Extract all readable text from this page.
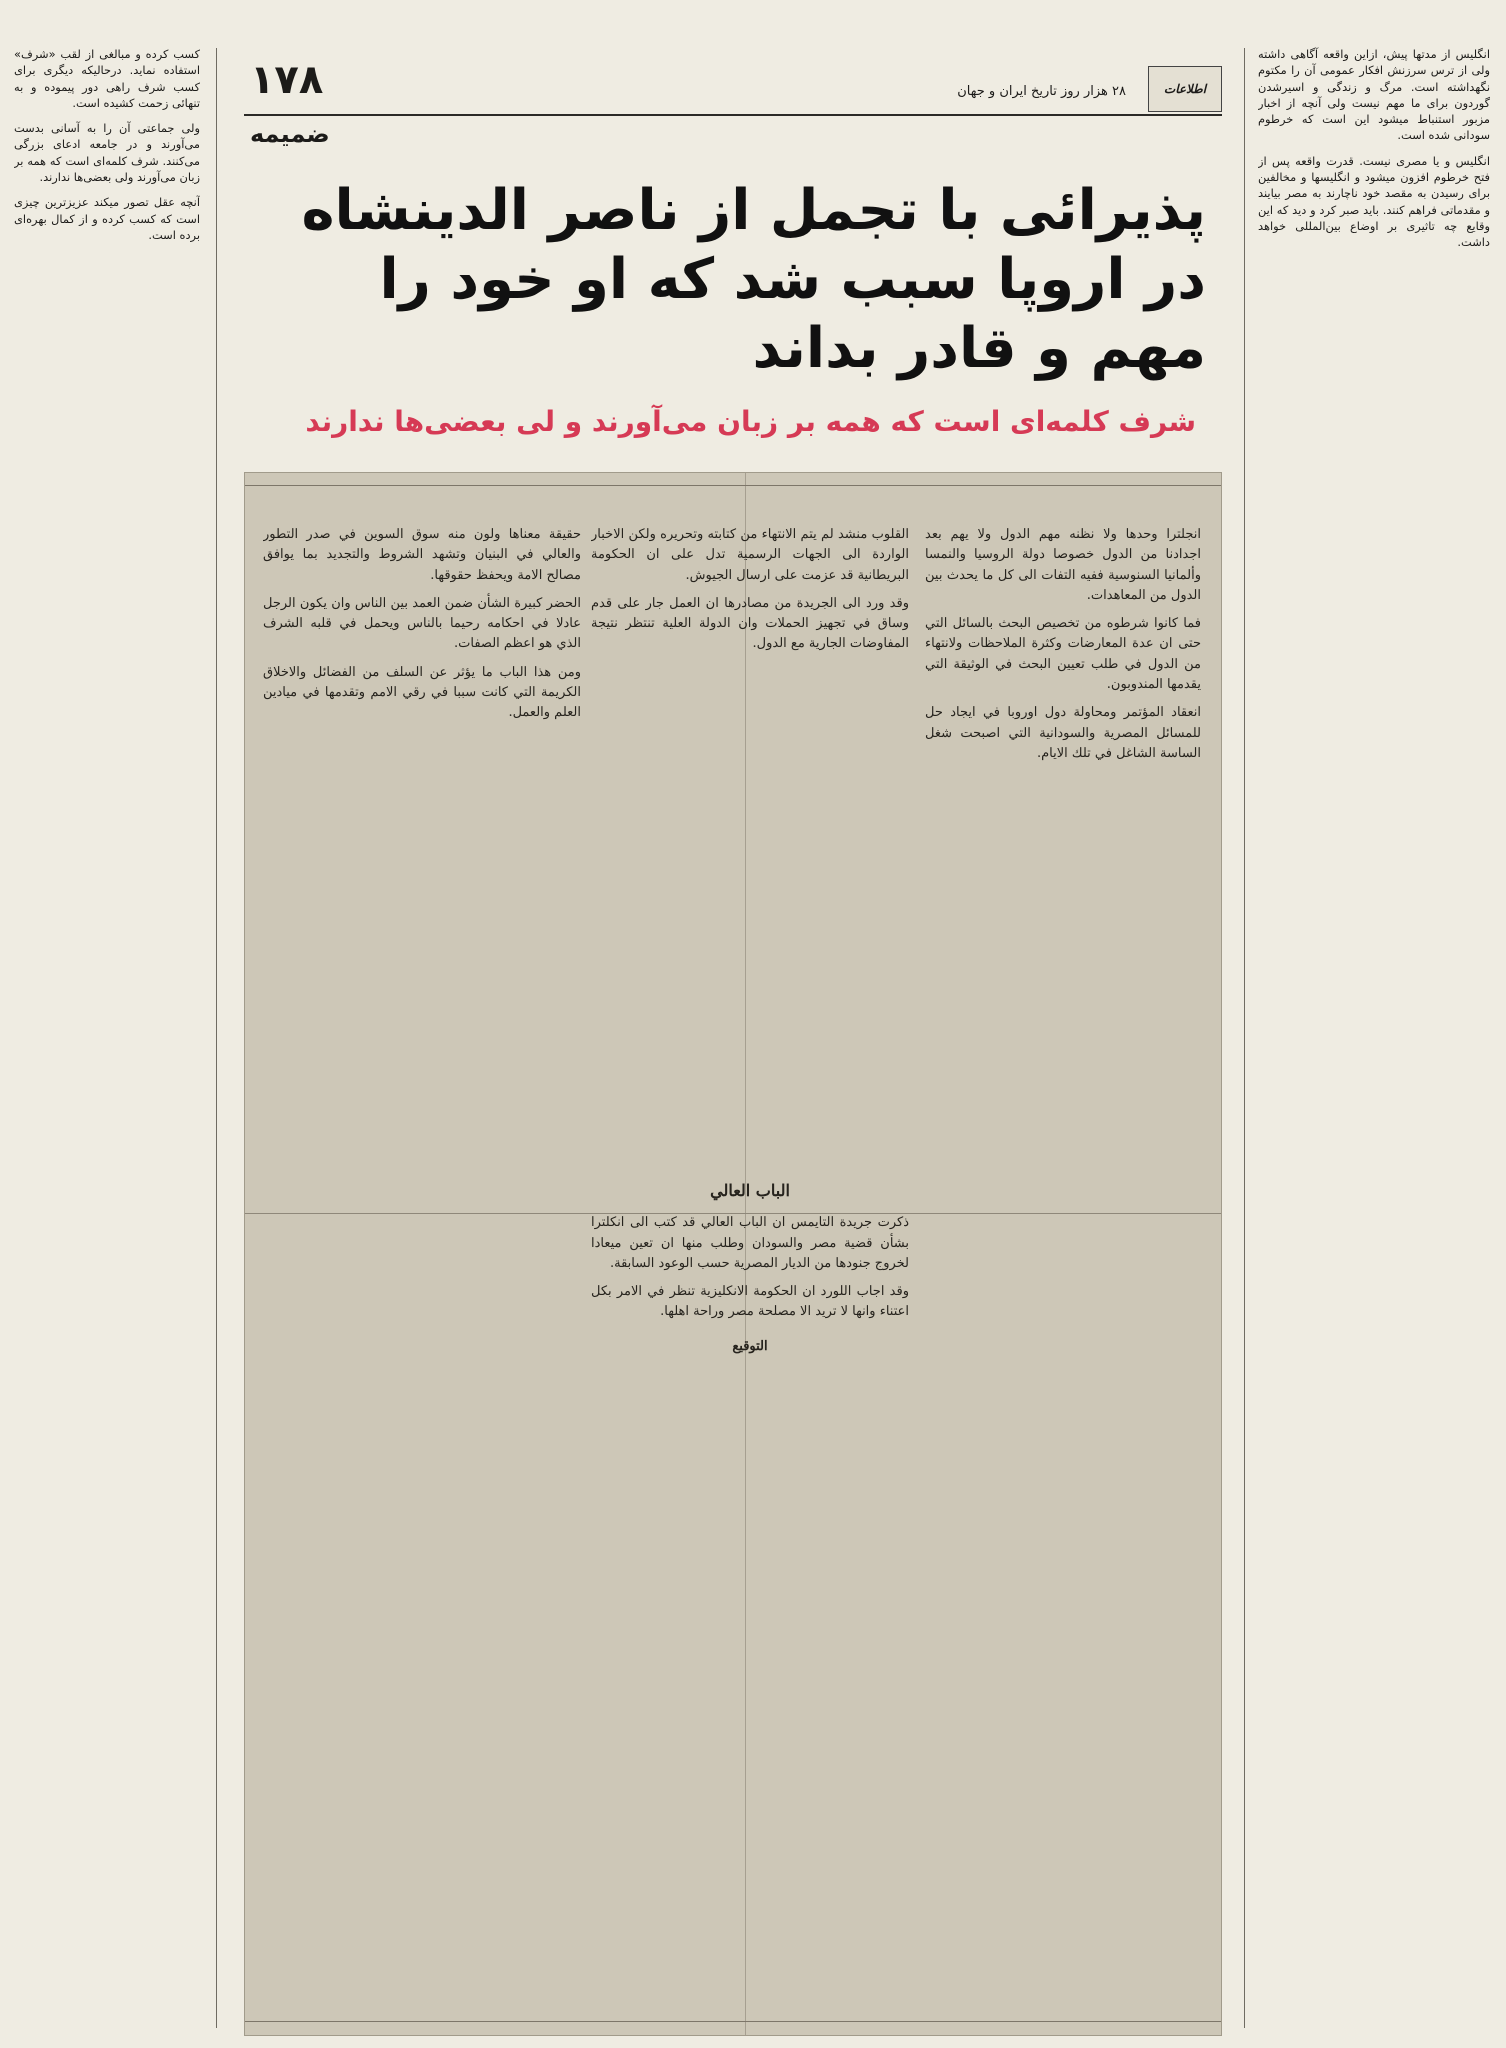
کسب کرده و مبالغی از لقب «شرف» استفاده نماید. درحالیکه دیگری برای کسب شرف راهی دور پیموده و به تنهائی زحمت کشیده است.

ولی جماعتی آن را به آسانی بدست می‌آورند و در جامعه ادعای بزرگی می‌کنند. شرف کلمه‌ای است که همه بر زبان می‌آورند ولی بعضی‌ها ندارند.

آنچه عقل تصور میکند عزیزترین چیزی است که کسب کرده و از کمال بهره‌ای برده است.

انگلیس از مدتها پیش، ازاین واقعه آگاهی داشته ولی از ترس سرزنش افکار عمومی آن را مکتوم نگهداشته است. مرگ و زندگی و اسیرشدن گوردون برای ما مهم نیست ولی آنچه از اخبار مزبور استنباط میشود این است که خرطوم سودانی شده است.

انگلیس و یا مصری نیست. قدرت واقعه پس از فتح خرطوم افزون میشود و انگلیسها و مخالفین برای رسیدن به مقصد خود ناچارند به مصر بیایند و مقدماتی فراهم کنند. باید صبر کرد و دید که این وقایع چه تاثیری بر اوضاع بین‌المللی خواهد داشت.

اطلاعات
۲۸ هزار روز تاریخ ایران و جهان
۱۷۸
ضمیمه
پذیرائی با تجمل از ناصر الدینشاه در اروپا سبب شد که او خود را مهم و قادر بداند
شرف کلمه‌ای است که همه بر زبان می‌آورند و لی بعضی‌ها ندارند

انجلترا وحدها ولا نظنه مهم الدول ولا يهم بعد اجدادنا من الدول خصوصا دولة الروسيا والنمسا وألمانيا السنوسية ففيه التفات الى كل ما يحدث بين الدول من المعاهدات.

فما كانوا شرطوه من تخصيص البحث بالسائل التي حتى ان عدة المعارضات وكثرة الملاحظات ولانتهاء من الدول في طلب تعيين البحث في الوثيقة التي يقدمها المندوبون.

انعقاد المؤتمر ومحاولة دول اوروبا في ايجاد حل للمسائل المصرية والسودانية التي اصبحت شغل الساسة الشاغل في تلك الايام.

القلوب منشد لم يتم الانتهاء من كتابته وتحريره ولكن الاخبار الواردة الى الجهات الرسمية تدل على ان الحكومة البريطانية قد عزمت على ارسال الجيوش.

وقد ورد الى الجريدة من مصادرها ان العمل جار على قدم وساق في تجهيز الحملات وان الدولة العلية تنتظر نتيجة المفاوضات الجارية مع الدول.

الباب العالي

ذكرت جريدة التايمس ان الباب العالي قد كتب الى انكلترا بشأن قضية مصر والسودان وطلب منها ان تعين ميعادا لخروج جنودها من الديار المصرية حسب الوعود السابقة.

وقد اجاب اللورد ان الحكومة الانكليزية تنظر في الامر بكل اعتناء وانها لا تريد الا مصلحة مصر وراحة اهلها.

التوقيع

حقيقة معناها ولون منه سوق السوين في صدر التطور والعالي في البنيان وتشهد الشروط والتجديد بما يوافق مصالح الامة ويحفظ حقوقها.

الحضر كبيرة الشأن ضمن العمد بين الناس وان يكون الرجل عادلا في احكامه رحيما بالناس ويحمل في قلبه الشرف الذي هو اعظم الصفات.

ومن هذا الباب ما يؤثر عن السلف من الفضائل والاخلاق الكريمة التي كانت سببا في رقي الامم وتقدمها في ميادين العلم والعمل.
